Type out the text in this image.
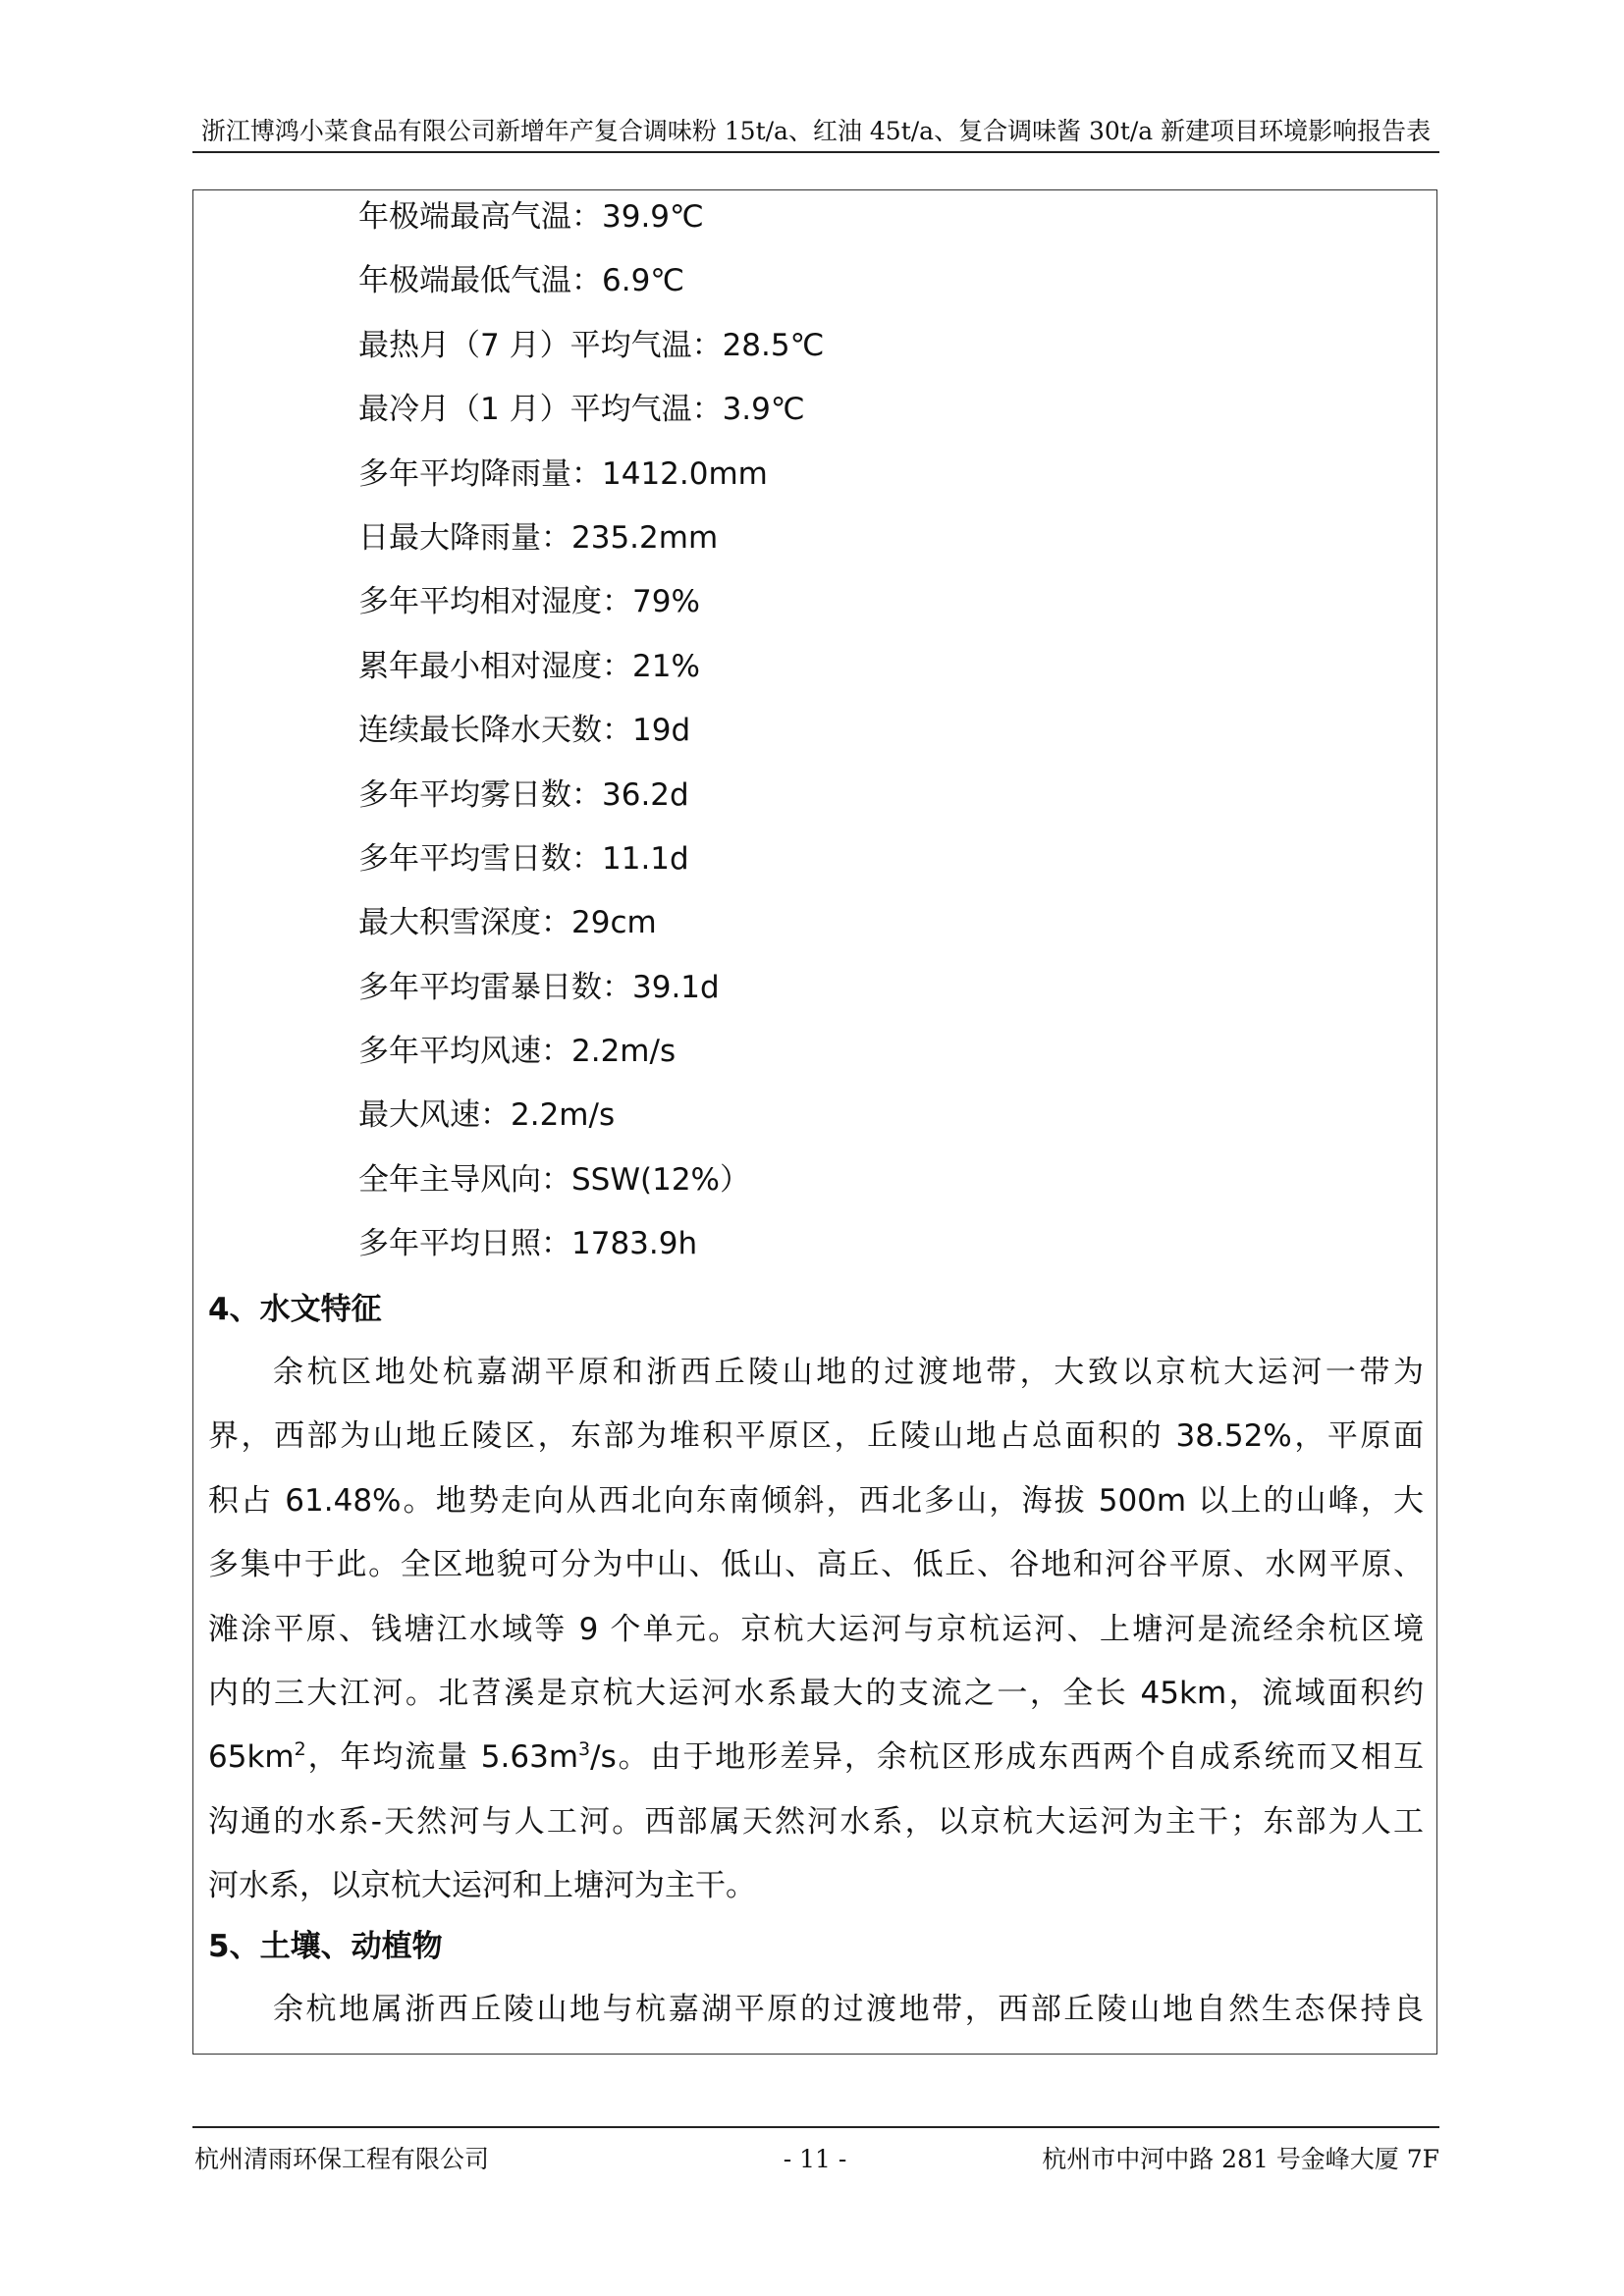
浙江博鸿小菜食品有限公司新增年产复合调味粉 15t/a、红油 45t/a、复合调味酱 30t/a 新建项目环境影响报告表
年极端最高气温：39.9℃
年极端最低气温：6.9℃
最热月（7 月）平均气温：28.5℃
最冷月（1 月）平均气温：3.9℃
多年平均降雨量：1412.0mm
日最大降雨量：235.2mm
多年平均相对湿度：79%
累年最小相对湿度：21%
连续最长降水天数：19d
多年平均雾日数：36.2d
多年平均雪日数：11.1d
最大积雪深度：29cm
多年平均雷暴日数：39.1d
多年平均风速：2.2m/s
最大风速：2.2m/s
全年主导风向：SSW(12%）
多年平均日照：1783.9h
4、水文特征
余杭区地处杭嘉湖平原和浙西丘陵山地的过渡地带，大致以京杭大运河一带为
界，西部为山地丘陵区，东部为堆积平原区，丘陵山地占总面积的 38.52%，平原面
积占 61.48%。地势走向从西北向东南倾斜，西北多山，海拔 500m 以上的山峰，大
多集中于此。全区地貌可分为中山、低山、高丘、低丘、谷地和河谷平原、水网平原、
滩涂平原、钱塘江水域等 9 个单元。京杭大运河与京杭运河、上塘河是流经余杭区境
内的三大江河。北苕溪是京杭大运河水系最大的支流之一，全长 45km，流域面积约
$65km^2$，年均流量 $5.63m^3/s$。由于地形差异，余杭区形成东西两个自成系统而又相互
沟通的水系-天然河与人工河。西部属天然河水系，以京杭大运河为主干；东部为人工
河水系，以京杭大运河和上塘河为主干。
5、土壤、动植物
余杭地属浙西丘陵山地与杭嘉湖平原的过渡地带，西部丘陵山地自然生态保持良
杭州清雨环保工程有限公司	- 11 -	杭州市中河中路 281 号金峰大厦 7F
